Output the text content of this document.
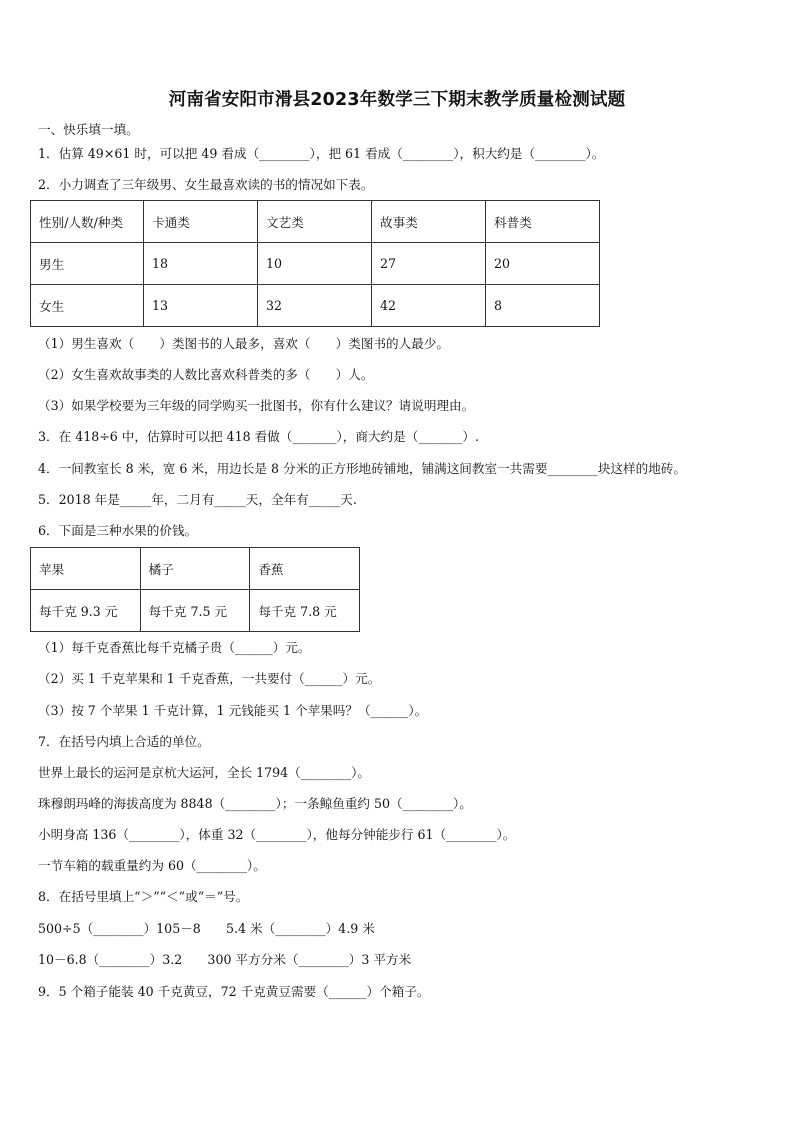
河南省安阳市滑县2023年数学三下期末教学质量检测试题
一、快乐填一填。
1．估算 49×61 时，可以把 49 看成（________），把 61 看成（________），积大约是（________）。
2．小力调查了三年级男、女生最喜欢读的书的情况如下表。
性别/人数/种类	卡通类	文艺类	故事类	科普类
男生	18	10	27	20
女生	13	32	42	8
（1）男生喜欢（　　）类图书的人最多，喜欢（　　）类图书的人最少。
（2）女生喜欢故事类的人数比喜欢科普类的多（　　）人。
（3）如果学校要为三年级的同学购买一批图书，你有什么建议？请说明理由。
3．在 418÷6 中，估算时可以把 418 看做（_______），商大约是（_______）.
4．一间教室长 8 米，宽 6 米，用边长是 8 分米的正方形地砖铺地，铺满这间教室一共需要________块这样的地砖。
5．2018 年是_____年，二月有_____天，全年有_____天.
6．下面是三种水果的价钱。
苹果	橘子	香蕉
每千克 9.3 元	每千克 7.5 元	每千克 7.8 元
（1）每千克香蕉比每千克橘子贵（______）元。
（2）买 1 千克苹果和 1 千克香蕉，一共要付（______）元。
（3）按 7 个苹果 1 千克计算，1 元钱能买 1 个苹果吗？（______）。
7．在括号内填上合适的单位。
世界上最长的运河是京杭大运河，全长 1794（________）。
珠穆朗玛峰的海拔高度为 8848（________）；一条鲸鱼重约 50（________）。
小明身高 136（________），体重 32（________），他每分钟能步行 61（________）。
一节车箱的载重量约为 60（________）。
8．在括号里填上“＞”“＜”或“＝”号。
500÷5（________）105－8　　5.4 米（________）4.9 米
10－6.8（________）3.2　　300 平方分米（________）3 平方米
9．5 个箱子能装 40 千克黄豆，72 千克黄豆需要（______）个箱子。
